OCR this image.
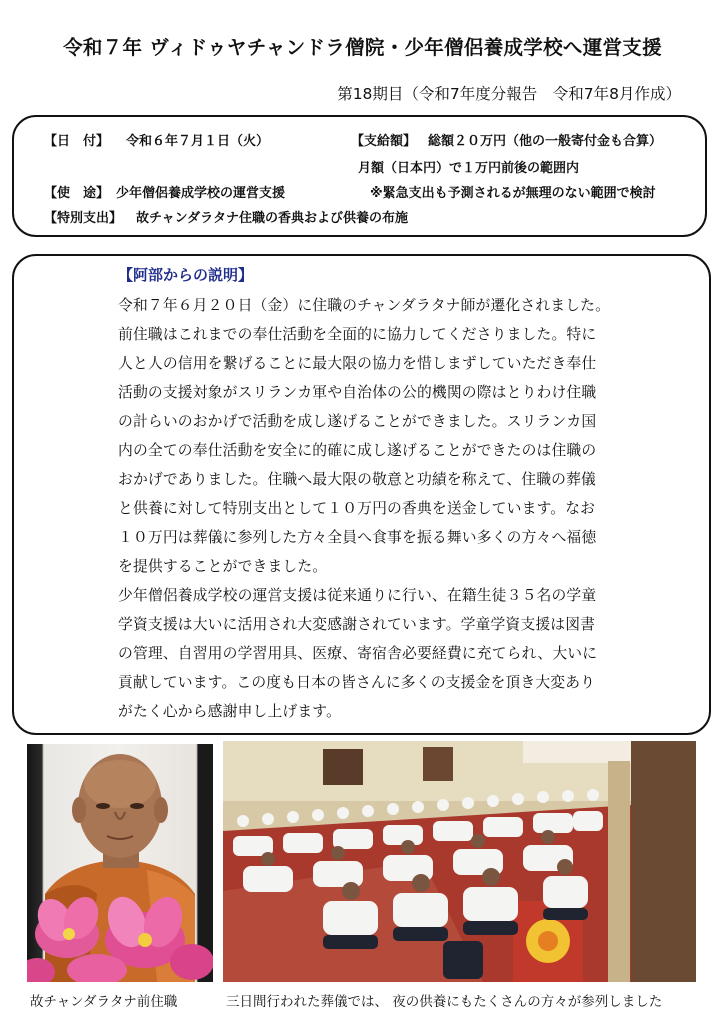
令和７年 ヴィドゥヤチャンドラ僧院・少年僧侶養成学校へ運営支援
第18期目（令和7年度分報告　令和7年8月作成）
【日　付】 令和６年７月１日（火）	【支給額】 総額２０万円（他の一般寄付金も合算）
月額（日本円）で１万円前後の範囲内
【使　途】 少年僧侶養成学校の運営支援	※緊急支出も予測されるが無理のない範囲で検討
【特別支出】 故チャンダラタナ住職の香典および供養の布施
【阿部からの説明】
令和７年６月２０日（金）に住職のチャンダラタナ師が遷化されました。
前住職はこれまでの奉仕活動を全面的に協力してくださりました。特に
人と人の信用を繋げることに最大限の協力を惜しまずしていただき奉仕
活動の支援対象がスリランカ軍や自治体の公的機関の際はとりわけ住職
の計らいのおかげで活動を成し遂げることができました。スリランカ国
内の全ての奉仕活動を安全に的確に成し遂げることができたのは住職の
おかげでありました。住職へ最大限の敬意と功績を称えて、住職の葬儀
と供養に対して特別支出として１０万円の香典を送金しています。なお
１０万円は葬儀に参列した方々全員へ食事を振る舞い多くの方々へ福徳
を提供することができました。
少年僧侶養成学校の運営支援は従来通りに行い、在籍生徒３５名の学童
学資支援は大いに活用され大変感謝されています。学童学資支援は図書
の管理、自習用の学習用具、医療、寄宿舎必要経費に充てられ、大いに
貢献しています。この度も日本の皆さんに多くの支援金を頂き大変あり
がたく心から感謝申し上げます。
故チャンダラタナ前住職	三日間行われた葬儀では、 夜の供養にもたくさんの方々が参列しました
